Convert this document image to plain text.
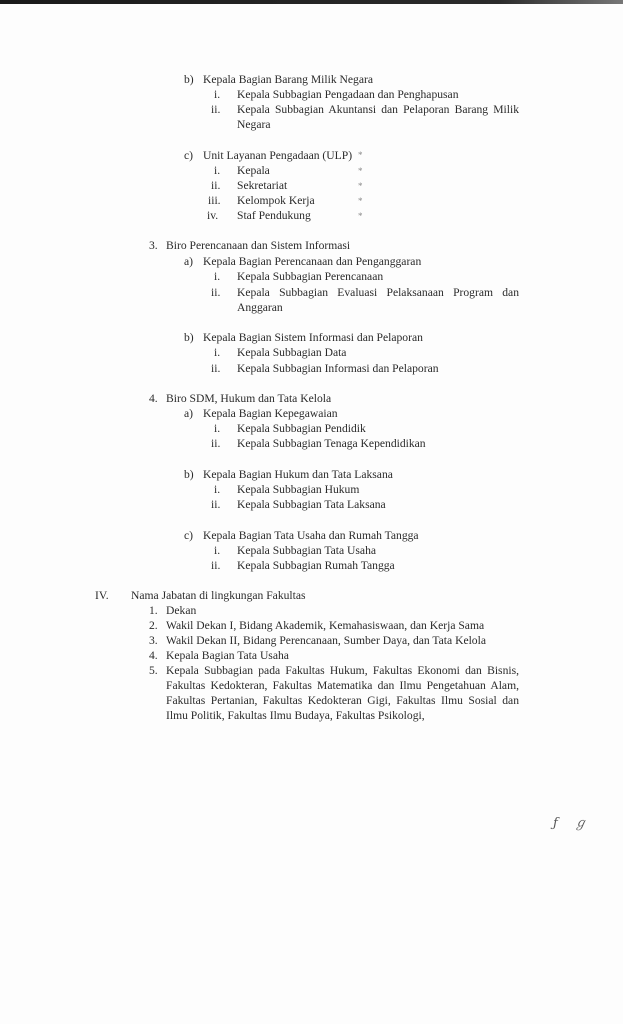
b) Kepala Bagian Barang Milik Negara
i. Kepala Subbagian Pengadaan dan Penghapusan
ii. Kepala Subbagian Akuntansi dan Pelaporan Barang Milik
Negara
c) Unit Layanan Pengadaan (ULP) *
i. Kepala	*
ii. Sekretariat	*
iii. Kelompok Kerja	*
iv. Staf Pendukung	*
3. Biro Perencanaan dan Sistem Informasi
a) Kepala Bagian Perencanaan dan Penganggaran
i. Kepala Subbagian Perencanaan
ii. Kepala Subbagian Evaluasi Pelaksanaan Program dan
Anggaran
b) Kepala Bagian Sistem Informasi dan Pelaporan
i. Kepala Subbagian Data
ii. Kepala Subbagian Informasi dan Pelaporan
4. Biro SDM, Hukum dan Tata Kelola
a) Kepala Bagian Kepegawaian
i. Kepala Subbagian Pendidik
ii. Kepala Subbagian Tenaga Kependidikan
b) Kepala Bagian Hukum dan Tata Laksana
i. Kepala Subbagian Hukum
ii. Kepala Subbagian Tata Laksana
c) Kepala Bagian Tata Usaha dan Rumah Tangga
i. Kepala Subbagian Tata Usaha
ii. Kepala Subbagian Rumah Tangga
IV. Nama Jabatan di lingkungan Fakultas
1. Dekan
2. Wakil Dekan I, Bidang Akademik, Kemahasiswaan, dan Kerja Sama
3. Wakil Dekan II, Bidang Perencanaan, Sumber Daya, dan Tata Kelola
4. Kepala Bagian Tata Usaha
5. Kepala Subbagian pada Fakultas Hukum, Fakultas Ekonomi dan Bisnis,
Fakultas Kedokteran, Fakultas Matematika dan Ilmu Pengetahuan Alam,
Fakultas Pertanian, Fakultas Kedokteran Gigi, Fakultas Ilmu Sosial dan
Ilmu Politik, Fakultas Ilmu Budaya, Fakultas Psikologi,
ƒ ℊ
